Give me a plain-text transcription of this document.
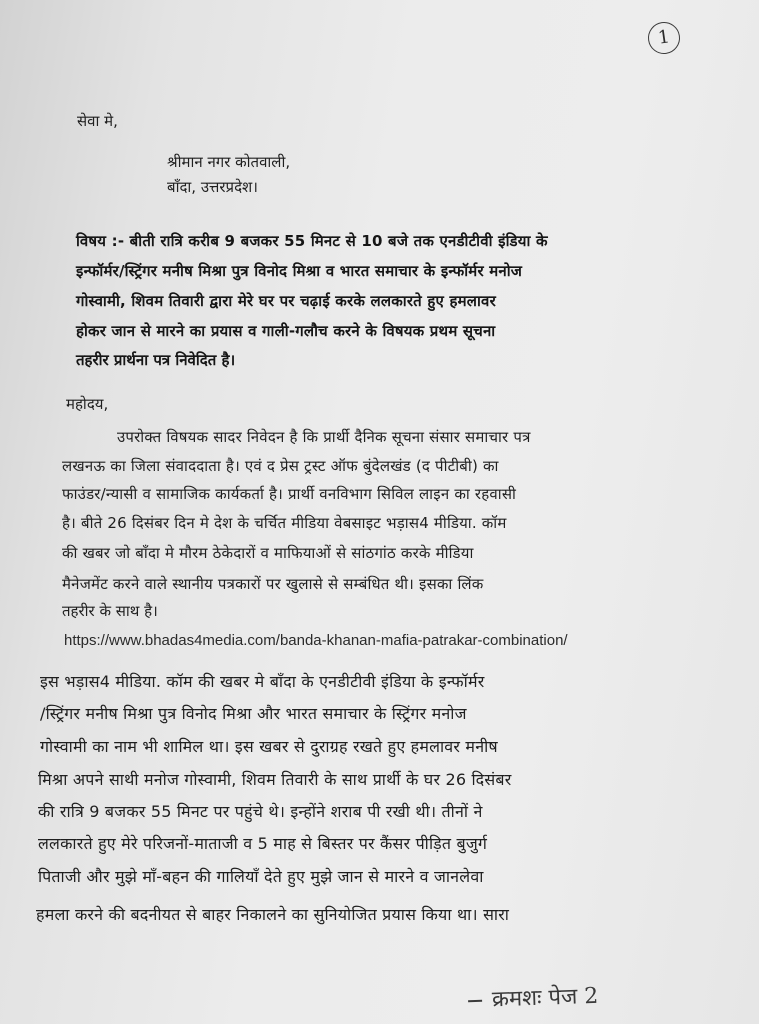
1
सेवा मे,
श्रीमान नगर कोतवाली,
बाँदा, उत्तरप्रदेश।
विषय :- बीती रात्रि करीब 9 बजकर 55 मिनट से 10 बजे तक एनडीटीवी इंडिया के
इन्फॉर्मर/स्ट्रिंगर मनीष मिश्रा पुत्र विनोद मिश्रा व भारत समाचार के इन्फॉर्मर मनोज
गोस्वामी, शिवम तिवारी द्वारा मेरे घर पर चढ़ाई करके ललकारते हुए हमलावर
होकर जान से मारने का प्रयास व गाली-गलौच करने के विषयक प्रथम सूचना
तहरीर प्रार्थना पत्र निवेदित है।
महोदय,
उपरोक्त विषयक सादर निवेदन है कि प्रार्थी दैनिक सूचना संसार समाचार पत्र
लखनऊ का जिला संवाददाता है। एवं द प्रेस ट्रस्ट ऑफ बुंदेलखंड (द पीटीबी) का
फाउंडर/न्यासी व सामाजिक कार्यकर्ता है। प्रार्थी वनविभाग सिविल लाइन का रहवासी
है। बीते 26 दिसंबर दिन मे देश के चर्चित मीडिया वेबसाइट भड़ास4 मीडिया. कॉम
की खबर जो बाँदा मे मौरम ठेकेदारों व माफियाओं से सांठगांठ करके मीडिया
मैनेजमेंट करने वाले स्थानीय पत्रकारों पर खुलासे से सम्बंधित थी। इसका लिंक
तहरीर के साथ है।
https://www.bhadas4media.com/banda-khanan-mafia-patrakar-combination/
इस भड़ास4 मीडिया. कॉम की खबर मे बाँदा के एनडीटीवी इंडिया के इन्फॉर्मर
/स्ट्रिंगर मनीष मिश्रा पुत्र विनोद मिश्रा और भारत समाचार के स्ट्रिंगर मनोज
गोस्वामी का नाम भी शामिल था। इस खबर से दुराग्रह रखते हुए हमलावर मनीष
मिश्रा अपने साथी मनोज गोस्वामी, शिवम तिवारी के साथ प्रार्थी के घर 26 दिसंबर
की रात्रि 9 बजकर 55 मिनट पर पहुंचे थे। इन्होंने शराब पी रखी थी। तीनों ने
ललकारते हुए मेरे परिजनों-माताजी व 5 माह से बिस्तर पर कैंसर पीड़ित बुजुर्ग
पिताजी और मुझे माँ-बहन की गालियाँ देते हुए मुझे जान से मारने व जानलेवा
हमला करने की बदनीयत से बाहर निकालने का सुनियोजित प्रयास किया था। सारा
क्रमशः पेज 2
